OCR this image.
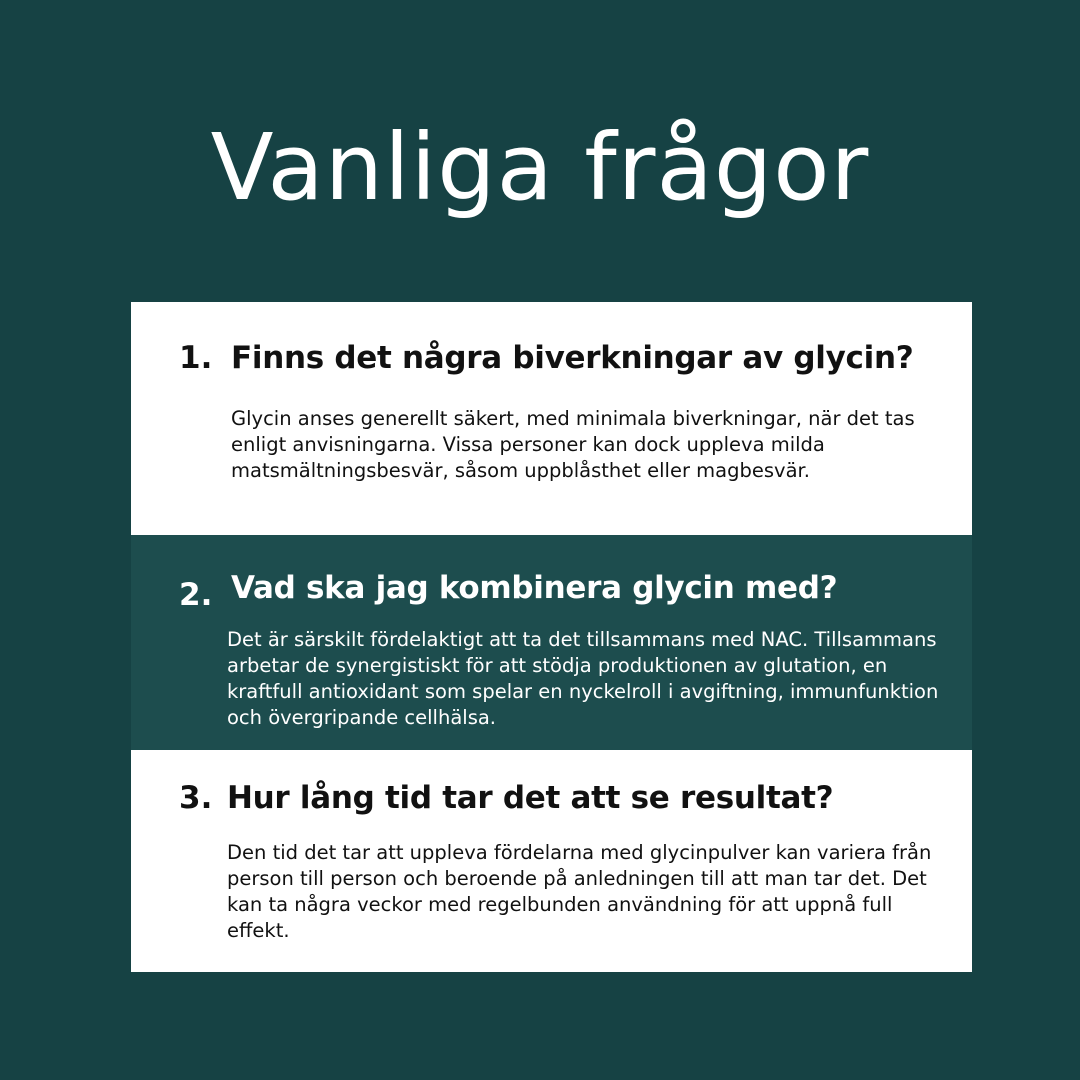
Vanliga frågor
1. Finns det några biverkningar av glycin?

Glycin anses generellt säkert, med minimala biverkningar, när det tas enligt anvisningarna. Vissa personer kan dock uppleva milda matsmältningsbesvär, såsom uppblåsthet eller magbesvär.

2. Vad ska jag kombinera glycin med?

Det är särskilt fördelaktigt att ta det tillsammans med NAC. Tillsammans arbetar de synergistiskt för att stödja produktionen av glutation, en kraftfull antioxidant som spelar en nyckelroll i avgiftning, immunfunktion och övergripande cellhälsa.

3. Hur lång tid tar det att se resultat?

Den tid det tar att uppleva fördelarna med glycinpulver kan variera från person till person och beroende på anledningen till att man tar det. Det kan ta några veckor med regelbunden användning för att uppnå full effekt.
